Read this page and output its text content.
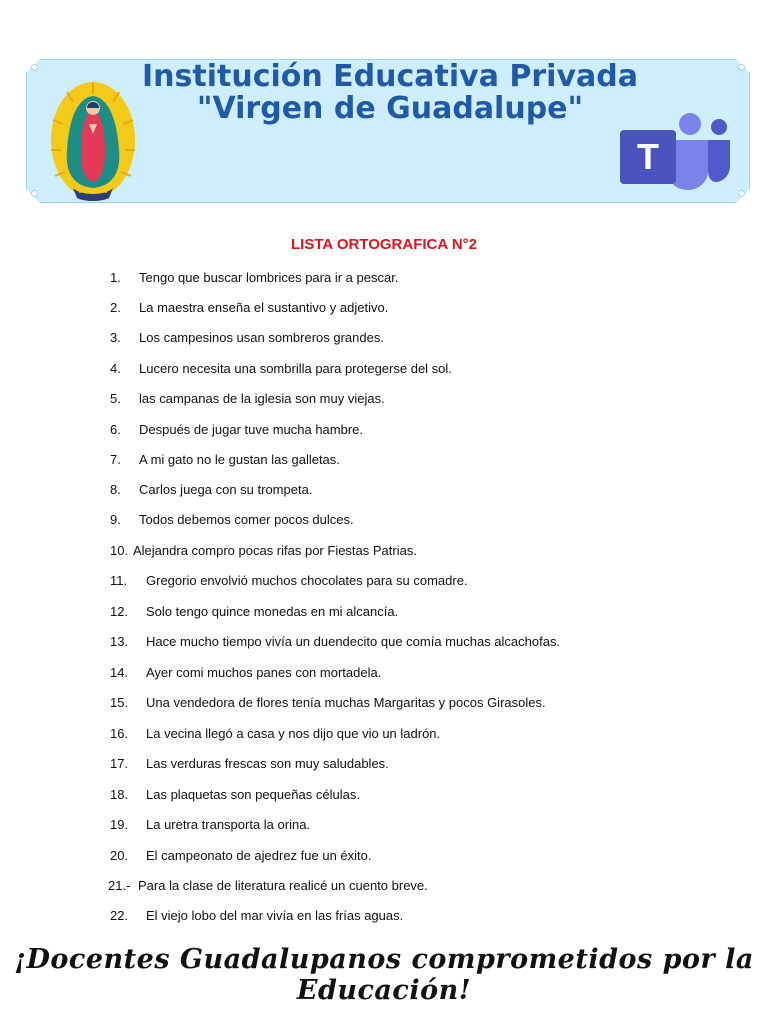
Institución Educativa Privada
"Virgen de Guadalupe"
T
LISTA ORTOGRAFICA N°2
1. Tengo que buscar lombrices para ir a pescar.
2. La maestra enseña el sustantivo y adjetivo.
3. Los campesinos usan sombreros grandes.
4. Lucero necesita una sombrilla para protegerse del sol.
5. las campanas de la iglesia son muy viejas.
6. Después de jugar tuve mucha hambre.
7. A mi gato no le gustan las galletas.
8. Carlos juega con su trompeta.
9. Todos debemos comer pocos dulces.
10. Alejandra compro pocas rifas por Fiestas Patrias.
11. Gregorio envolvió muchos chocolates para su comadre.
12. Solo tengo quince monedas en mi alcancía.
13. Hace mucho tiempo vivía un duendecito que comía muchas alcachofas.
14. Ayer comi muchos panes con mortadela.
15. Una vendedora de flores tenía muchas Margaritas y pocos Girasoles.
16. La vecina llegó a casa y nos dijo que vio un ladrón.
17. Las verduras frescas son muy saludables.
18. Las plaquetas son pequeñas células.
19. La uretra transporta la orina.
20. El campeonato de ajedrez fue un éxito.
21.- Para la clase de literatura realicé un cuento breve.
22. El viejo lobo del mar vivía en las frías aguas.
¡Docentes Guadalupanos comprometidos por la Educación!
